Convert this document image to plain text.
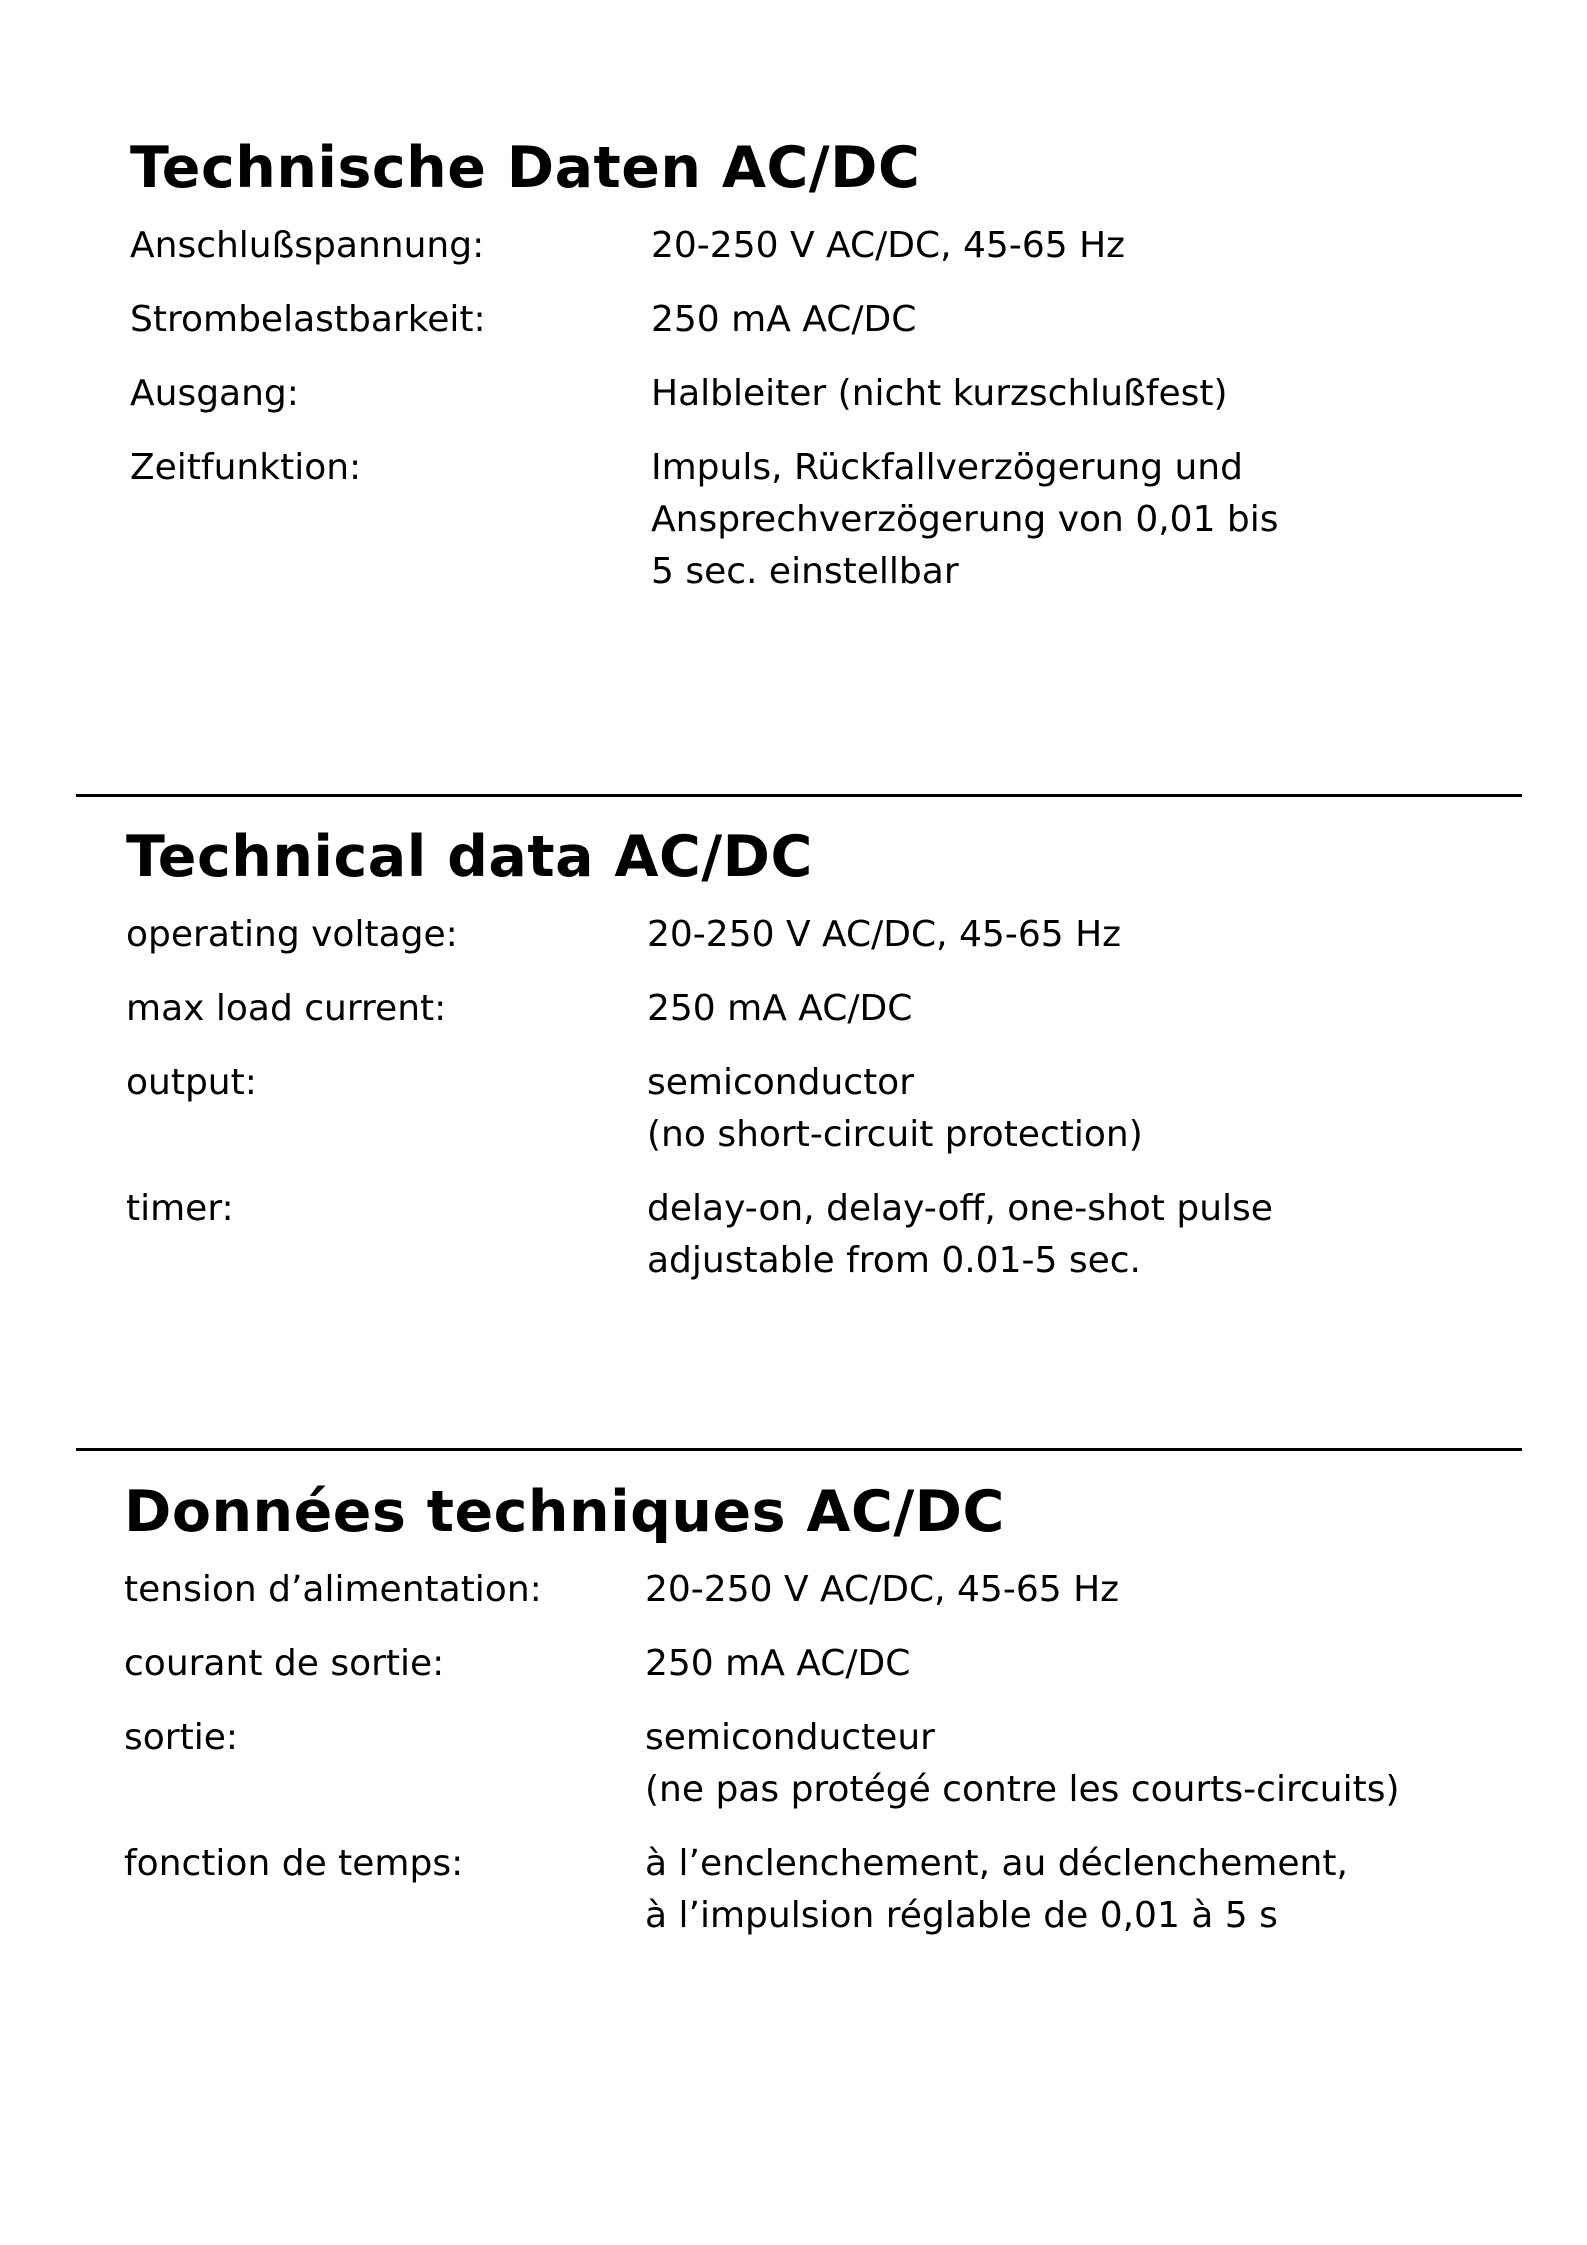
Technische Daten AC/DC
Anschlußspannung:	20-250 V AC/DC, 45-65 Hz
Strombelastbarkeit:	250 mA AC/DC
Ausgang:	Halbleiter (nicht kurzschlußfest)
Zeitfunktion:	Impuls, Rückfallverzögerung und
Ansprechverzögerung von 0,01 bis
5 sec. einstellbar
Technical data AC/DC
operating voltage:	20-250 V AC/DC, 45-65 Hz
max load current:	250 mA AC/DC
output:	semiconductor
(no short-circuit protection)
timer:	delay-on, delay-off, one-shot pulse
adjustable from 0.01-5 sec.
Données techniques AC/DC
tension d’alimentation:	20-250 V AC/DC, 45-65 Hz
courant de sortie:	250 mA AC/DC
sortie:	semiconducteur
(ne pas protégé contre les courts-circuits)
fonction de temps:	à l’enclenchement, au déclenchement,
à l’impulsion réglable de 0,01 à 5 s
